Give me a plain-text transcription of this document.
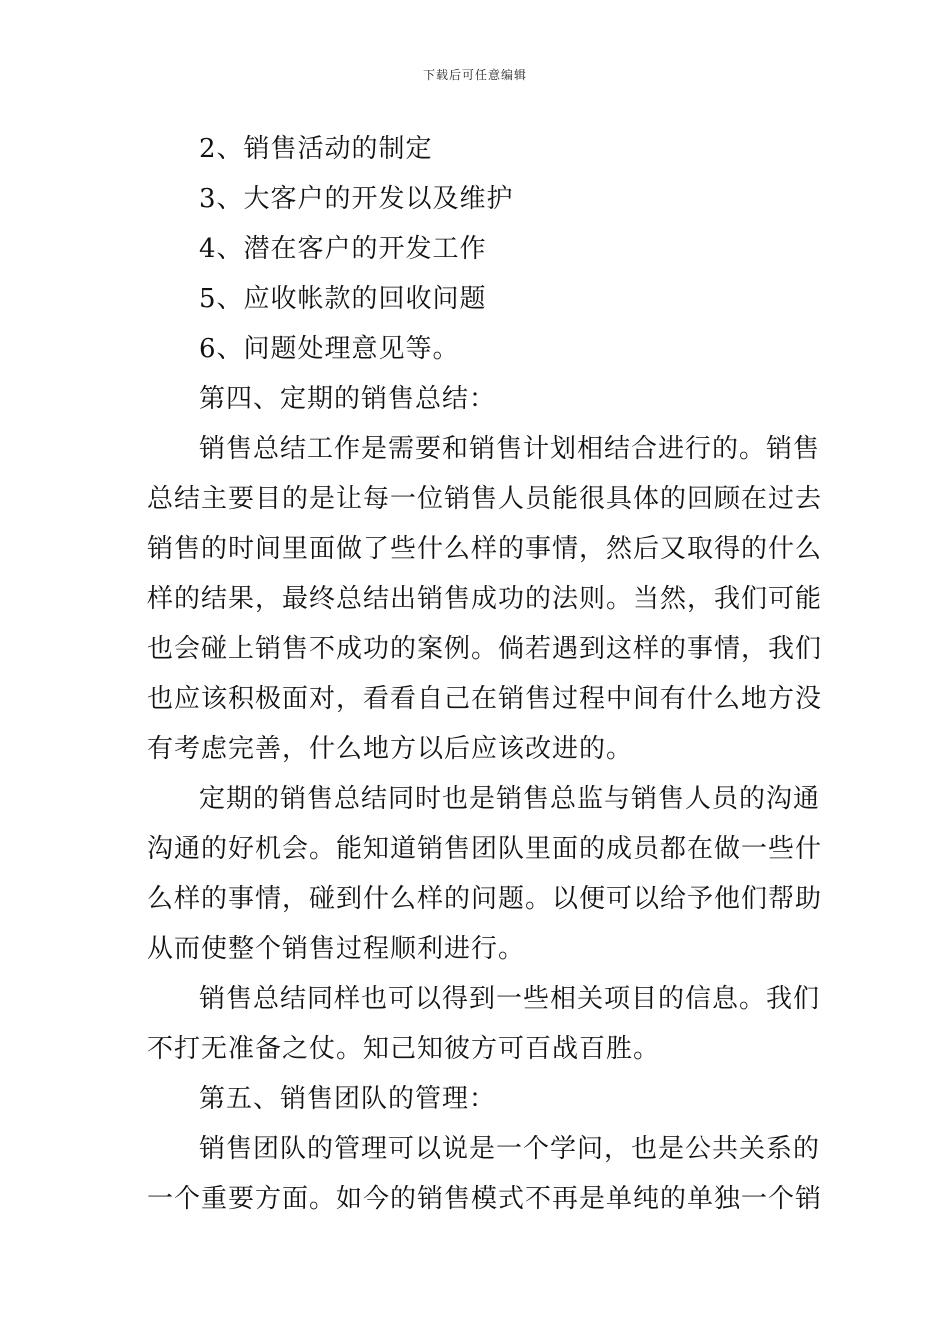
下载后可任意编辑
2、销售活动的制定
3、大客户的开发以及维护
4、潜在客户的开发工作
5、应收帐款的回收问题
6、问题处理意见等。
第四、定期的销售总结：
销售总结工作是需要和销售计划相结合进行的。销售
总结主要目的是让每一位销售人员能很具体的回顾在过去
销售的时间里面做了些什么样的事情，然后又取得的什么
样的结果，最终总结出销售成功的法则。当然，我们可能
也会碰上销售不成功的案例。倘若遇到这样的事情，我们
也应该积极面对，看看自己在销售过程中间有什么地方没
有考虑完善，什么地方以后应该改进的。
定期的销售总结同时也是销售总监与销售人员的沟通
沟通的好机会。能知道销售团队里面的成员都在做一些什
么样的事情，碰到什么样的问题。以便可以给予他们帮助
从而使整个销售过程顺利进行。
销售总结同样也可以得到一些相关项目的信息。我们
不打无准备之仗。知己知彼方可百战百胜。
第五、销售团队的管理：
销售团队的管理可以说是一个学问，也是公共关系的
一个重要方面。如今的销售模式不再是单纯的单独一个销
